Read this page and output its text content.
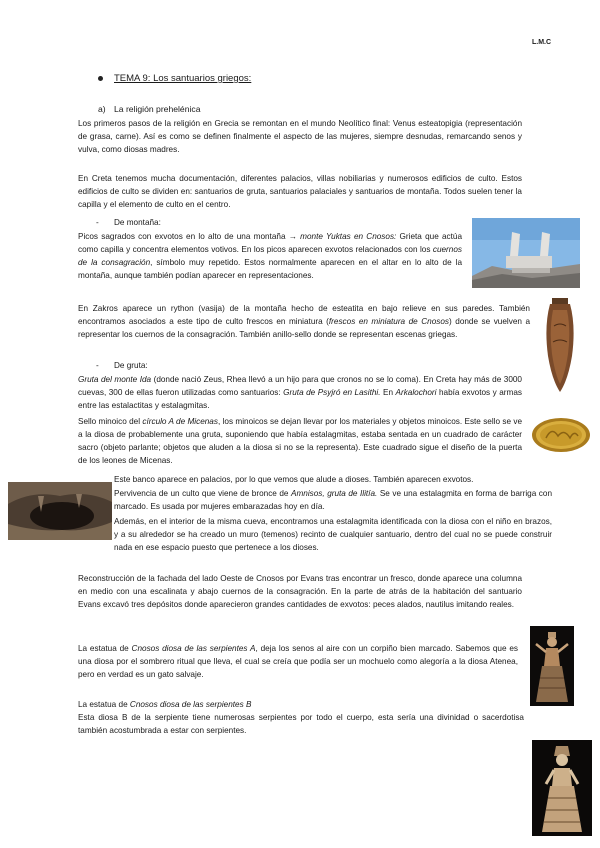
L.M.C

TEMA 9: Los santuarios griegos:

a) La religión prehelénica

Los primeros pasos de la religión en Grecia se remontan en el mundo Neolítico final: Venus esteatopigia (representación de grasa, carne). Así es como se definen finalmente el aspecto de las mujeres, siempre desnudas, remarcando senos y vulva, como diosas madres.

En Creta tenemos mucha documentación, diferentes palacios, villas nobiliarias y numerosos edificios de culto. Estos edificios de culto se dividen en: santuarios de gruta, santuarios palaciales y santuarios de montaña. Todos suelen tener la capilla y el elemento de culto en el centro.

- De montaña:

Picos sagrados con exvotos en lo alto de una montaña → monte Yuktas en Cnosos: Grieta que actúa como capilla y concentra elementos votivos. En los picos aparecen exvotos relacionados con los cuernos de la consagración, símbolo muy repetido. Estos normalmente aparecen en el altar en lo alto de la montaña, aunque también podían aparecer en representaciones.

En Zakros aparece un rython (vasija) de la montaña hecho de esteatita en bajo relieve en sus paredes. También encontramos asociados a este tipo de culto frescos en miniatura (frescos en miniatura de Cnosos) donde se vuelven a representar los cuernos de la consagración. También anillo-sello donde se representan escenas griegas.

- De gruta:

Gruta del monte Ida (donde nació Zeus, Rhea llevó a un hijo para que cronos no se lo coma). En Creta hay más de 3000 cuevas, 300 de ellas fueron utilizadas como santuarios: Gruta de Psyjró en Lasithi. En Arkalochori había exvotos y armas entre las estalactitas y estalagmitas.

Sello minoico del círculo A de Micenas, los minoicos se dejan llevar por los materiales y objetos minoicos. Este sello se ve a la diosa de probablemente una gruta, suponiendo que había estalagmitas, estaba sentada en un cuadrado de carácter sacro (objeto parlante; objetos que aluden a la diosa si no se la representa). Este cuadrado sigue el diseño de la puerta de los leones de Micenas.

Este banco aparece en palacios, por lo que vemos que alude a dioses. También aparecen exvotos.

Pervivencia de un culto que viene de bronce de Amnisos, gruta de Ilitía. Se ve una estalagmita en forma de barriga con marcado. Es usada por mujeres embarazadas hoy en día.

Además, en el interior de la misma cueva, encontramos una estalagmita identificada con la diosa con el niño en brazos, y a su alrededor se ha creado un muro (temenos) recinto de cualquier santuario, dentro del cual no se puede construir nada en ese espacio puesto que pertenece a los dioses.

Reconstrucción de la fachada del lado Oeste de Cnosos por Evans tras encontrar un fresco, donde aparece una columna en medio con una escalinata y abajo cuernos de la consagración. En la parte de atrás de la habitación del santuario Evans excavó tres depósitos donde aparecieron grandes cantidades de exvotos: peces alados, nautilus imitando reales.

La estatua de Cnosos diosa de las serpientes A, deja los senos al aire con un corpiño bien marcado. Sabemos que es una diosa por el sombrero ritual que lleva, el cual se creía que podía ser un mochuelo como alegoría a la diosa Atenea, pero en verdad es un gato salvaje.

La estatua de Cnosos diosa de las serpientes B

Esta diosa B de la serpiente tiene numerosas serpientes por todo el cuerpo, esta sería una divinidad o sacerdotisa también acostumbrada a estar con serpientes.
